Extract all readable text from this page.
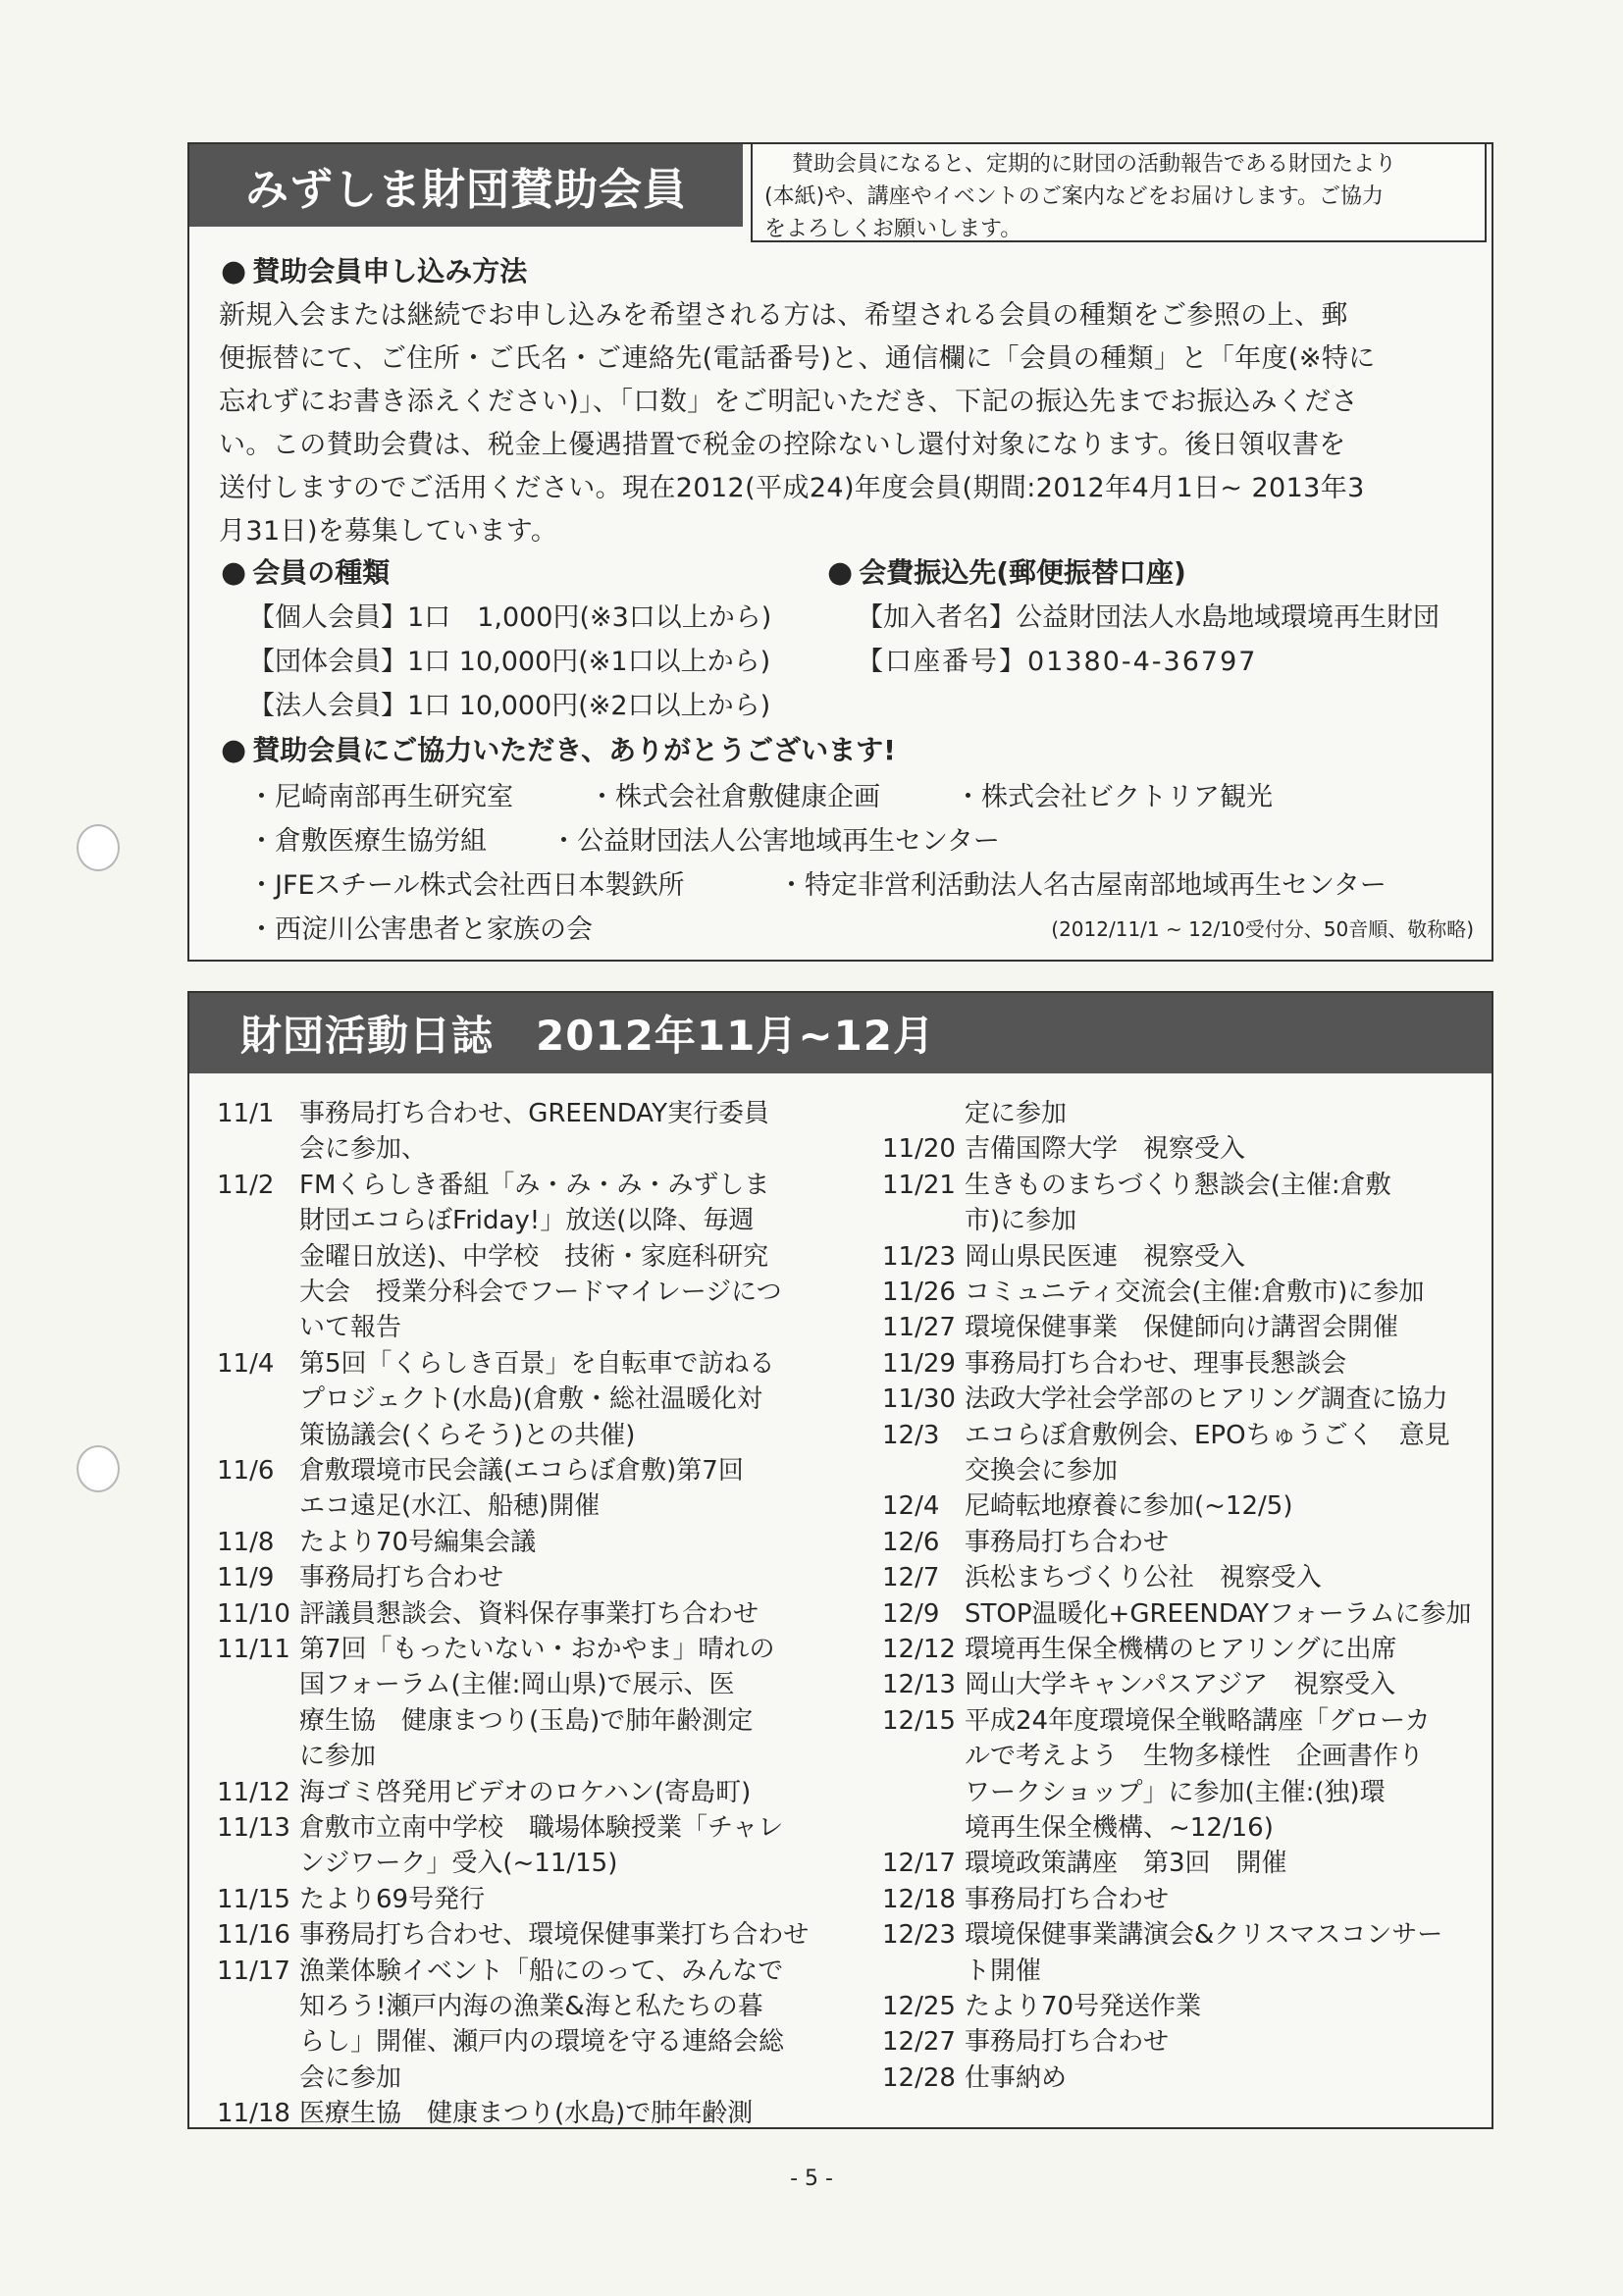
みずしま財団賛助会員
賛助会員になると、定期的に財団の活動報告である財団たより
(本紙)や、講座やイベントのご案内などをお届けします。ご協力
をよろしくお願いします。
● 賛助会員申し込み方法
新規入会または継続でお申し込みを希望される方は、希望される会員の種類をご参照の上、郵
便振替にて、ご住所・ご氏名・ご連絡先(電話番号)と、通信欄に「会員の種類」と「年度(※特に
忘れずにお書き添えください)」、「口数」をご明記いただき、下記の振込先までお振込みくださ
い。この賛助会費は、税金上優遇措置で税金の控除ないし還付対象になります。後日領収書を
送付しますのでご活用ください。現在2012(平成24)年度会員(期間:2012年4月1日~ 2013年3
月31日)を募集しています。
● 会員の種類
【個人会員】1口　1,000円(※3口以上から)
【団体会員】1口 10,000円(※1口以上から)
【法人会員】1口 10,000円(※2口以上から)
● 会費振込先(郵便振替口座)
【加入者名】公益財団法人水島地域環境再生財団
【口座番号】01380-4-36797
● 賛助会員にご協力いただき、ありがとうございます!
・尼崎南部再生研究室	・株式会社倉敷健康企画	・株式会社ビクトリア観光
・倉敷医療生協労組 ・公益財団法人公害地域再生センター
・JFEスチール株式会社西日本製鉄所	・特定非営利活動法人名古屋南部地域再生センター
・西淀川公害患者と家族の会	(2012/11/1 ~ 12/10受付分、50音順、敬称略)
財団活動日誌　2012年11月~12月
11/1 事務局打ち合わせ、GREENDAY実行委員
会に参加、
11/2 FMくらしき番組「み・み・み・みずしま
財団エコらぼFriday!」放送(以降、毎週
金曜日放送)、中学校　技術・家庭科研究
大会　授業分科会でフードマイレージにつ
いて報告
11/4 第5回「くらしき百景」を自転車で訪ねる
プロジェクト(水島)(倉敷・総社温暖化対
策協議会(くらそう)との共催)
11/6 倉敷環境市民会議(エコらぼ倉敷)第7回
エコ遠足(水江、船穂)開催
11/8 たより70号編集会議
11/9 事務局打ち合わせ
11/10 評議員懇談会、資料保存事業打ち合わせ
11/11 第7回「もったいない・おかやま」晴れの
国フォーラム(主催:岡山県)で展示、医
療生協　健康まつり(玉島)で肺年齢測定
に参加
11/12 海ゴミ啓発用ビデオのロケハン(寄島町)
11/13 倉敷市立南中学校　職場体験授業「チャレ
ンジワーク」受入(~11/15)
11/15 たより69号発行
11/16 事務局打ち合わせ、環境保健事業打ち合わせ
11/17 漁業体験イベント「船にのって、みんなで
知ろう!瀬戸内海の漁業&海と私たちの暮
らし」開催、瀬戸内の環境を守る連絡会総
会に参加
11/18 医療生協　健康まつり(水島)で肺年齢測
定に参加
11/20 吉備国際大学　視察受入
11/21 生きものまちづくり懇談会(主催:倉敷
市)に参加
11/23 岡山県民医連　視察受入
11/26 コミュニティ交流会(主催:倉敷市)に参加
11/27 環境保健事業　保健師向け講習会開催
11/29 事務局打ち合わせ、理事長懇談会
11/30 法政大学社会学部のヒアリング調査に協力
12/3 エコらぼ倉敷例会、EPOちゅうごく　意見
交換会に参加
12/4 尼崎転地療養に参加(~12/5)
12/6 事務局打ち合わせ
12/7 浜松まちづくり公社　視察受入
12/9 STOP温暖化+GREENDAYフォーラムに参加
12/12 環境再生保全機構のヒアリングに出席
12/13 岡山大学キャンパスアジア　視察受入
12/15 平成24年度環境保全戦略講座「グローカ
ルで考えよう　生物多様性　企画書作り
ワークショップ」に参加(主催:(独)環
境再生保全機構、~12/16)
12/17 環境政策講座　第3回　開催
12/18 事務局打ち合わせ
12/23 環境保健事業講演会&クリスマスコンサー
ト開催
12/25 たより70号発送作業
12/27 事務局打ち合わせ
12/28 仕事納め
- 5 -
